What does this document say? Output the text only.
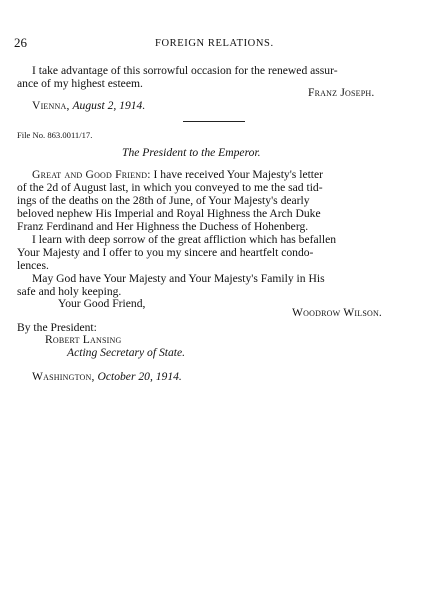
26	FOREIGN RELATIONS.
I take advantage of this sorrowful occasion for the renewed assur-
ance of my highest esteem.
Franz Joseph.
Vienna, August 2, 1914.
File No. 863.0011/17.
The President to the Emperor.
Great and Good Friend: I have received Your Majesty's letter
of the 2d of August last, in which you conveyed to me the sad tid-
ings of the deaths on the 28th of June, of Your Majesty's dearly
beloved nephew His Imperial and Royal Highness the Arch Duke
Franz Ferdinand and Her Highness the Duchess of Hohenberg.
I learn with deep sorrow of the great affliction which has befallen
Your Majesty and I offer to you my sincere and heartfelt condo-
lences.
May God have Your Majesty and Your Majesty's Family in His
safe and holy keeping.
Your Good Friend,
Woodrow Wilson.
By the President:
Robert Lansing
Acting Secretary of State.
Washington, October 20, 1914.
